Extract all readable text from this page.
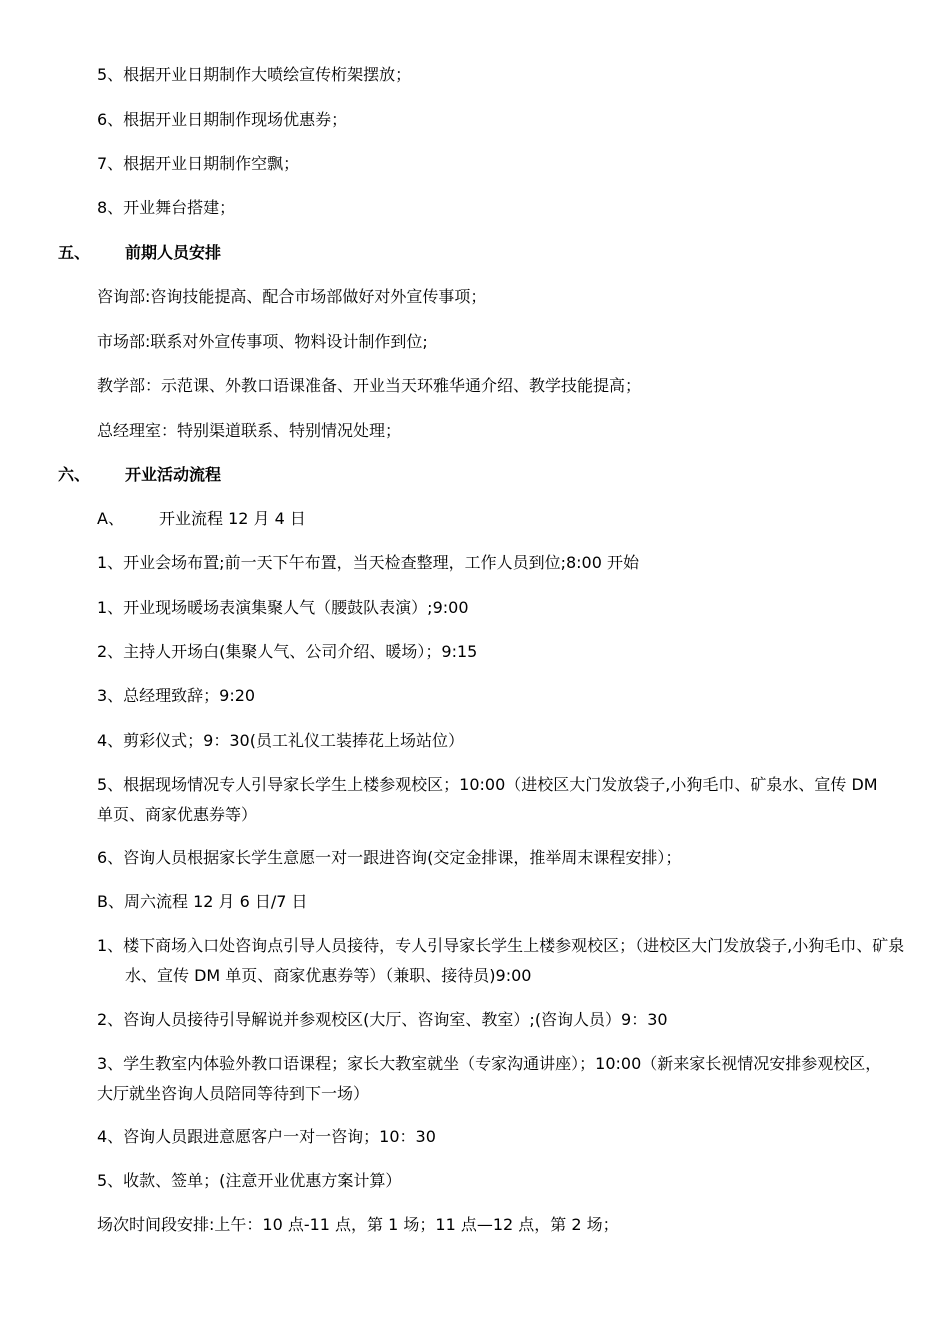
5、根据开业日期制作大喷绘宣传桁架摆放；
6、根据开业日期制作现场优惠券；
7、根据开业日期制作空飘；
8、开业舞台搭建；
五、 前期人员安排
咨询部:咨询技能提高、配合市场部做好对外宣传事项；
市场部:联系对外宣传事项、物料设计制作到位;
教学部：示范课、外教口语课准备、开业当天环雅华通介绍、教学技能提高；
总经理室：特别渠道联系、特别情况处理；
六、 开业活动流程
A、 开业流程 12 月 4 日
1、开业会场布置;前一天下午布置，当天检查整理，工作人员到位;8:00 开始
1、开业现场暖场表演集聚人气（腰鼓队表演）;9:00
2、主持人开场白(集聚人气、公司介绍、暖场）；9:15
3、总经理致辞；9:20
4、剪彩仪式；9：30(员工礼仪工装捧花上场站位）
5、根据现场情况专人引导家长学生上楼参观校区；10:00（进校区大门发放袋子,小狗毛巾、矿泉水、宣传 DM 单页、商家优惠券等）
6、咨询人员根据家长学生意愿一对一跟进咨询(交定金排课，推举周末课程安排）；
B、周六流程 12 月 6 日/7 日
1、楼下商场入口处咨询点引导人员接待，专人引导家长学生上楼参观校区；（进校区大门发放袋子,小狗毛巾、矿泉水、宣传 DM 单页、商家优惠券等）（兼职、接待员)9:00
2、咨询人员接待引导解说并参观校区(大厅、咨询室、教室）;(咨询人员）9：30
3、学生教室内体验外教口语课程；家长大教室就坐（专家沟通讲座）；10:00（新来家长视情况安排参观校区，大厅就坐咨询人员陪同等待到下一场）
4、咨询人员跟进意愿客户一对一咨询；10：30
5、收款、签单；(注意开业优惠方案计算）
场次时间段安排:上午：10 点-11 点，第 1 场；11 点—12 点，第 2 场；
